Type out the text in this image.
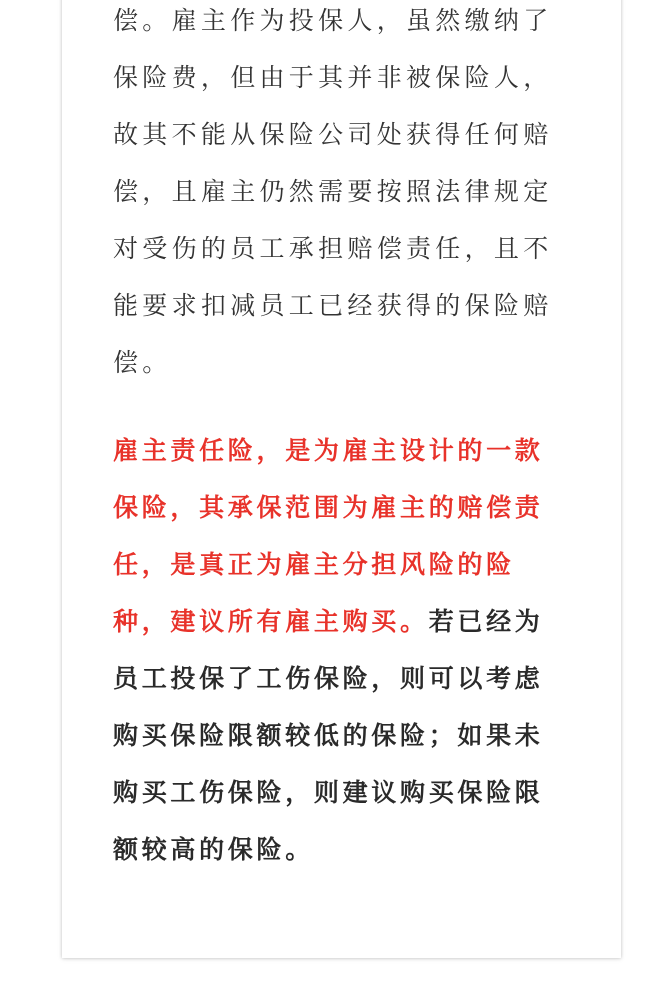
偿。雇主作为投保人，虽然缴纳了
保险费，但由于其并非被保险人，
故其不能从保险公司处获得任何赔
偿，且雇主仍然需要按照法律规定
对受伤的员工承担赔偿责任，且不
能要求扣减员工已经获得的保险赔
偿。
雇主责任险，是为雇主设计的一款
保险，其承保范围为雇主的赔偿责
任，是真正为雇主分担风险的险
种，建议所有雇主购买。若已经为
员工投保了工伤保险，则可以考虑
购买保险限额较低的保险；如果未
购买工伤保险，则建议购买保险限
额较高的保险。
